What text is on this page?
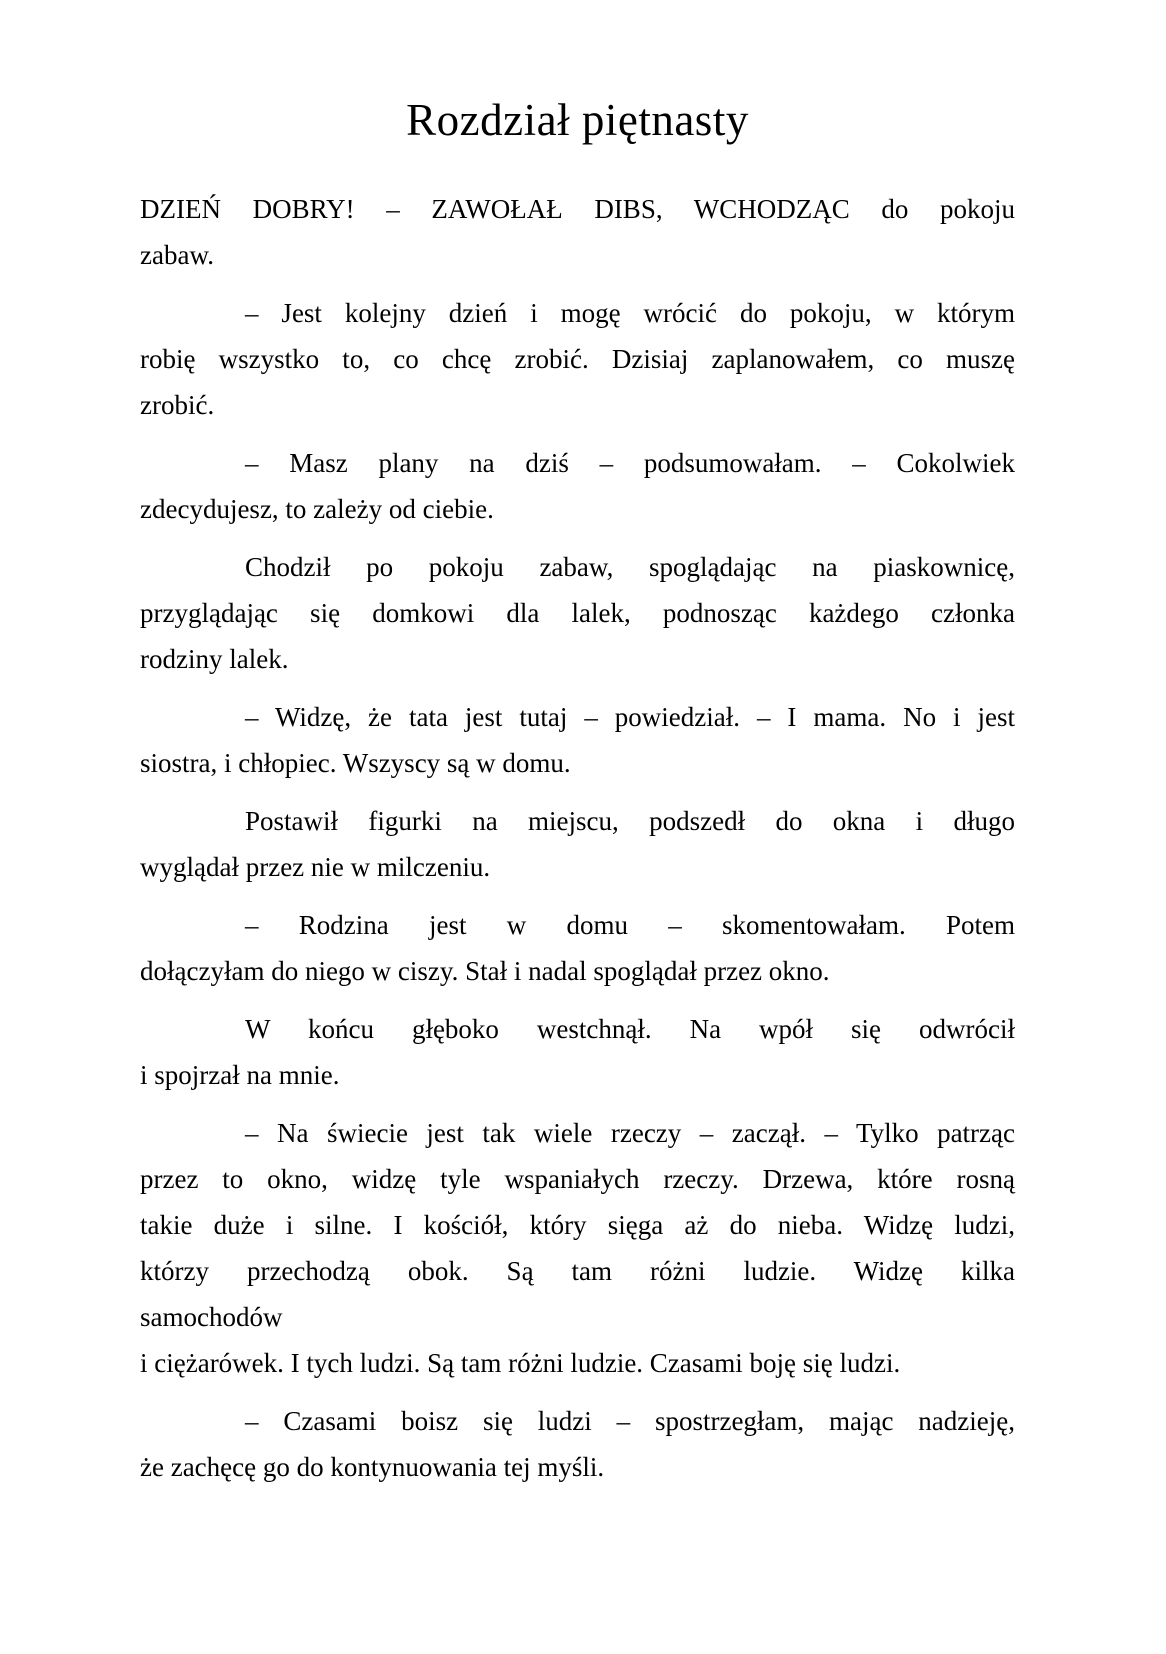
Rozdział piętnasty

DZIEŃ DOBRY! – ZAWOŁAŁ DIBS, WCHODZĄC do pokoju
zabaw.

– Jest kolejny dzień i mogę wrócić do pokoju, w którym
robię wszystko to, co chcę zrobić. Dzisiaj zaplanowałem, co muszę
zrobić.

– Masz plany na dziś – podsumowałam. – Cokolwiek
zdecydujesz, to zależy od ciebie.

Chodził po pokoju zabaw, spoglądając na piaskownicę,
przyglądając się domkowi dla lalek, podnosząc każdego członka
rodziny lalek.

– Widzę, że tata jest tutaj – powiedział. – I mama. No i jest
siostra, i chłopiec. Wszyscy są w domu.

Postawił figurki na miejscu, podszedł do okna i długo
wyglądał przez nie w milczeniu.

– Rodzina jest w domu – skomentowałam. Potem
dołączyłam do niego w ciszy. Stał i nadal spoglądał przez okno.

W końcu głęboko westchnął. Na wpół się odwrócił
i spojrzał na mnie.

– Na świecie jest tak wiele rzeczy – zaczął. – Tylko patrząc
przez to okno, widzę tyle wspaniałych rzeczy. Drzewa, które rosną
takie duże i silne. I kościół, który sięga aż do nieba. Widzę ludzi,
którzy przechodzą obok. Są tam różni ludzie. Widzę kilka
samochodów
i ciężarówek. I tych ludzi. Są tam różni ludzie. Czasami boję się ludzi.

– Czasami boisz się ludzi – spostrzegłam, mając nadzieję,
że zachęcę go do kontynuowania tej myśli.
